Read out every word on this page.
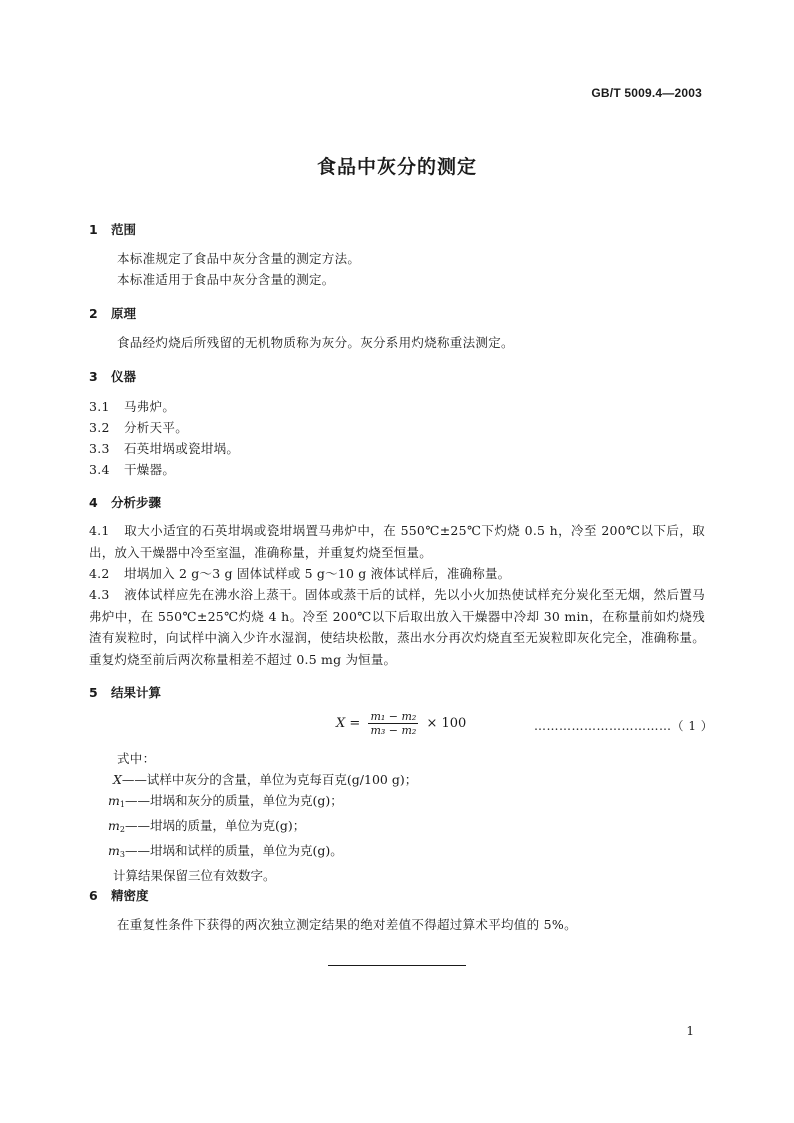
GB/T 5009.4—2003
食品中灰分的测定
1 范围
本标准规定了食品中灰分含量的测定方法。
本标准适用于食品中灰分含量的测定。
2 原理
食品经灼烧后所残留的无机物质称为灰分。灰分系用灼烧称重法测定。
3 仪器
3.1 马弗炉。
3.2 分析天平。
3.3 石英坩埚或瓷坩埚。
3.4 干燥器。
4 分析步骤
4.1 取大小适宜的石英坩埚或瓷坩埚置马弗炉中，在 550℃±25℃下灼烧 0.5 h，冷至 200℃以下后，取出，放入干燥器中冷至室温，准确称量，并重复灼烧至恒量。
4.2 坩埚加入 2 g～3 g 固体试样或 5 g～10 g 液体试样后，准确称量。
4.3 液体试样应先在沸水浴上蒸干。固体或蒸干后的试样，先以小火加热使试样充分炭化至无烟，然后置马弗炉中，在 550℃±25℃灼烧 4 h。冷至 200℃以下后取出放入干燥器中冷却 30 min，在称量前如灼烧残渣有炭粒时，向试样中滴入少许水湿润，使结块松散，蒸出水分再次灼烧直至无炭粒即灰化完全，准确称量。重复灼烧至前后两次称量相差不超过 0.5 mg 为恒量。
5 结果计算
$X = \frac{\text{m₁ − m₂}}{\text{m₃ − m₂}} \times 100$	……………………………（ 1 ）
式中：
X——试样中灰分的含量，单位为克每百克(g/100 g)；
$m_1——$坩埚和灰分的质量，单位为克(g)；
$m_2——$坩埚的质量，单位为克(g)；
$m_3——$坩埚和试样的质量，单位为克(g)。
计算结果保留三位有效数字。
6 精密度
在重复性条件下获得的两次独立测定结果的绝对差值不得超过算术平均值的 5%。
1
